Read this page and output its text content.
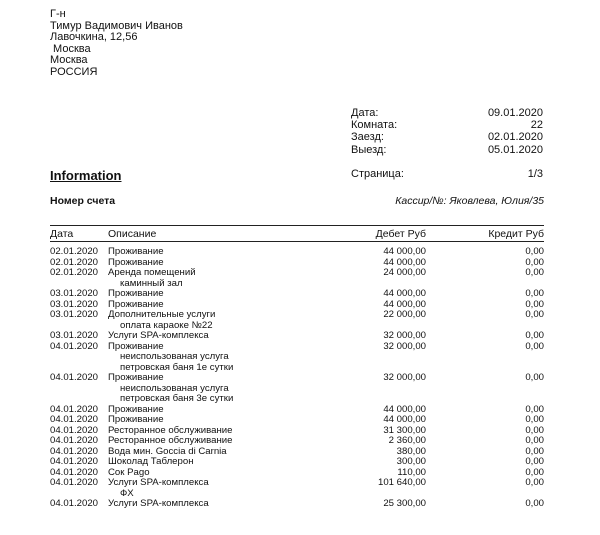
Г-н
Тимур Вадимович Иванов
Лавочкина, 12,56
Москва
Москва
РОССИЯ
Дата:	09.01.2020
Комната:	22
Заезд:	02.01.2020
Выезд:	05.01.2020
Information	Страница:	1/3
Номер счета	Кассир/№: Яковлева, Юлия/35
Дата	Описание	Дебет Руб	Кредит Руб
02.01.2020 Проживание	44 000,00	0,00
02.01.2020 Проживание	44 000,00	0,00
02.01.2020 Аренда помещений	24 000,00	0,00
каминный зал
03.01.2020 Проживание	44 000,00	0,00
03.01.2020 Проживание	44 000,00	0,00
03.01.2020 Дополнительные услуги	22 000,00	0,00
оплата караоке №22
03.01.2020 Услуги SPA-комплекса	32 000,00	0,00
04.01.2020 Проживание	32 000,00	0,00
неиспользованая услуга
петровская баня 1е сутки
04.01.2020 Проживание	32 000,00	0,00
неиспользованая услуга
петровская баня 3е сутки
04.01.2020 Проживание	44 000,00	0,00
04.01.2020 Проживание	44 000,00	0,00
04.01.2020 Ресторанное обслуживание	31 300,00	0,00
04.01.2020 Ресторанное обслуживание	2 360,00	0,00
04.01.2020 Вода мин. Goccia di Carnia	380,00	0,00
04.01.2020 Шоколад Таблерон	300,00	0,00
04.01.2020 Сок Pago	110,00	0,00
04.01.2020 Услуги SPA-комплекса	101 640,00	0,00
ФХ
04.01.2020 Услуги SPA-комплекса	25 300,00	0,00
